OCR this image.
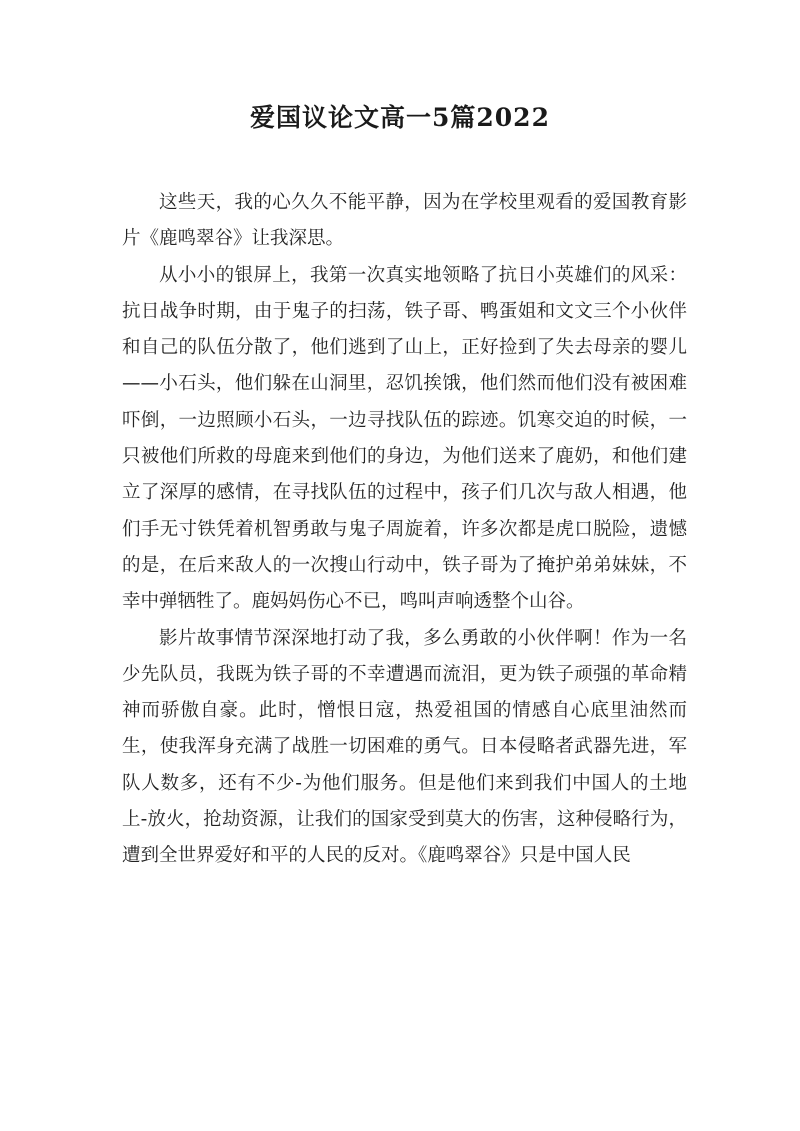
爱国议论文高一5篇2022

这些天，我的心久久不能平静，因为在学校里观看的爱国教育影片《鹿鸣翠谷》让我深思。

从小小的银屏上，我第一次真实地领略了抗日小英雄们的风采：抗日战争时期，由于鬼子的扫荡，铁子哥、鸭蛋姐和文文三个小伙伴和自己的队伍分散了，他们逃到了山上，正好捡到了失去母亲的婴儿——小石头，他们躲在山洞里，忍饥挨饿，他们然而他们没有被困难吓倒，一边照顾小石头，一边寻找队伍的踪迹。饥寒交迫的时候，一只被他们所救的母鹿来到他们的身边，为他们送来了鹿奶，和他们建立了深厚的感情，在寻找队伍的过程中，孩子们几次与敌人相遇，他们手无寸铁凭着机智勇敢与鬼子周旋着，许多次都是虎口脱险，遗憾的是，在后来敌人的一次搜山行动中，铁子哥为了掩护弟弟妹妹，不幸中弹牺牲了。鹿妈妈伤心不已，鸣叫声响透整个山谷。

影片故事情节深深地打动了我，多么勇敢的小伙伴啊！作为一名少先队员，我既为铁子哥的不幸遭遇而流泪，更为铁子顽强的革命精神而骄傲自豪。此时，憎恨日寇，热爱祖国的情感自心底里油然而生，使我浑身充满了战胜一切困难的勇气。日本侵略者武器先进，军队人数多，还有不少-为他们服务。但是他们来到我们中国人的土地上-放火，抢劫资源，让我们的国家受到莫大的伤害，这种侵略行为，遭到全世界爱好和平的人民的反对。《鹿鸣翠谷》只是中国人民
